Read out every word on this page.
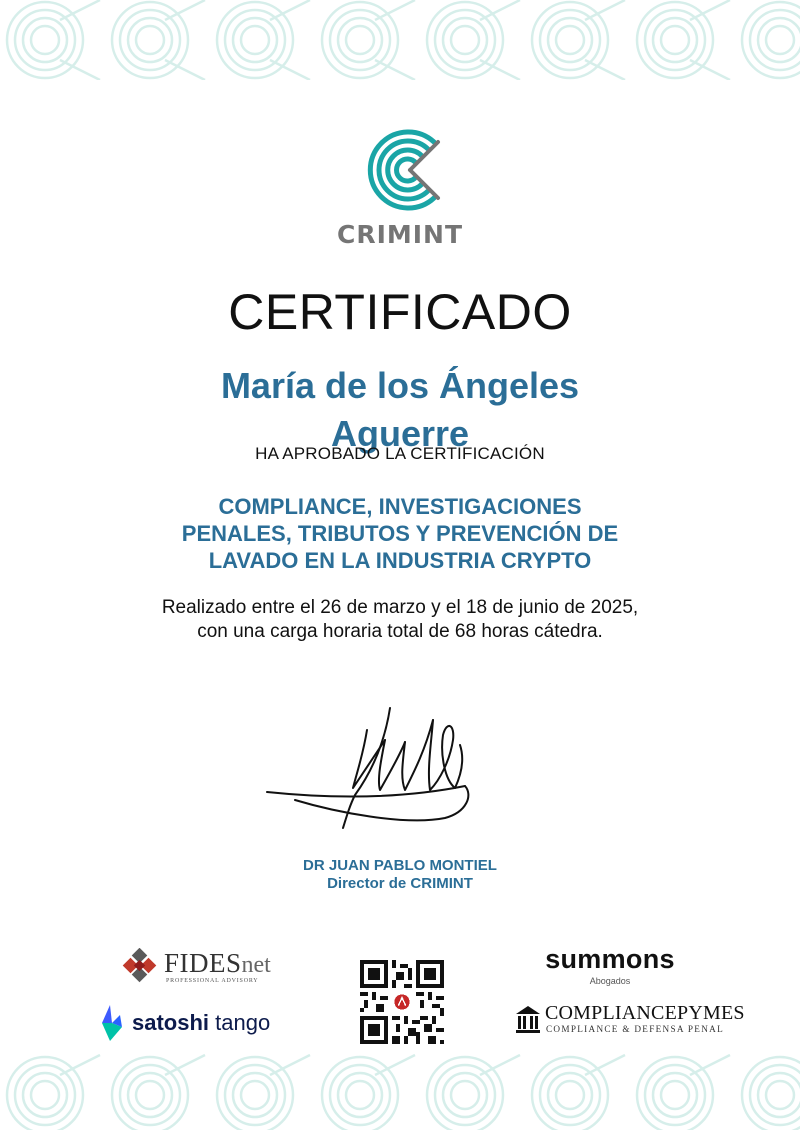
CRIMINT
CERTIFICADO
María de los Ángeles
Aguerre
HA APROBADO LA CERTIFICACIÓN
COMPLIANCE, INVESTIGACIONES
PENALES, TRIBUTOS Y PREVENCIÓN DE
LAVADO EN LA INDUSTRIA CRYPTO
Realizado entre el 26 de marzo y el 18 de junio de 2025,
con una carga horaria total de 68 horas cátedra.
DR JUAN PABLO MONTIEL
Director de CRIMINT
FIDESnet
PROFESSIONAL ADVISORY
satoshi tango
summons
Abogados
COMPLIANCEPYMES
COMPLIANCE & DEFENSA PENAL
